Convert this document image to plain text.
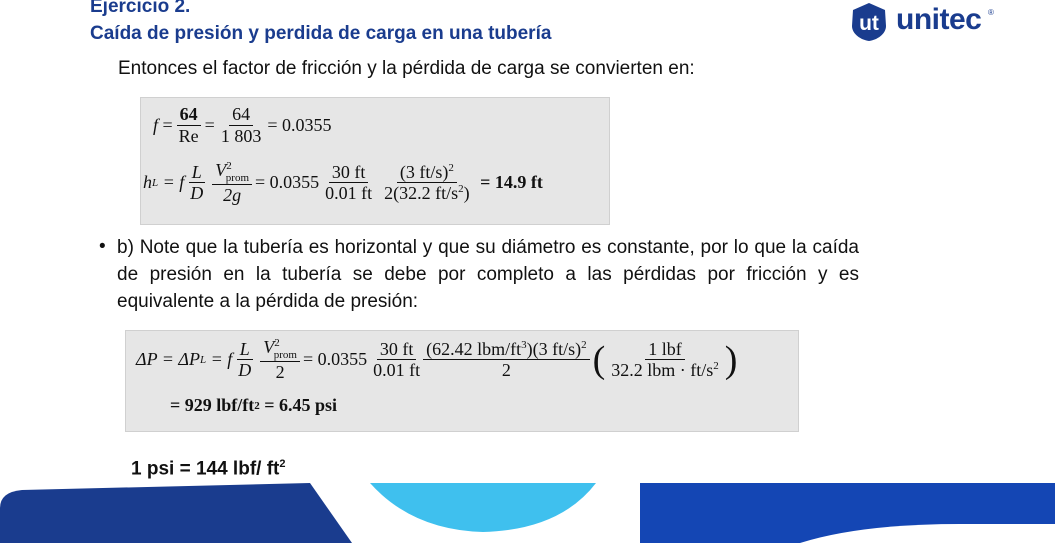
Ejercicio 2.
Caída de presión y perdida de carga en una tubería	ut unitec ®
Entonces el factor de fricción y la pérdida de carga se convierten en:
f
= $\frac{64}{Re} = \frac{64}{1 803} = 0.0355$
h L
= f $\frac{L}{D} \frac{V^2_{prom}}{2g} = 0.0355 \frac{30 ft}{0.01 ft} \frac{(3 ft/s)^2}{2(32.2 ft/s^2)}$
= 14.9 ft
• b) Note que la tubería es horizontal y que su diámetro es constante, por lo que la caída de presión en la tubería se debe por completo a las pérdidas por fricción y es equivalente a la pérdida de presión:
ΔP = ΔP L
= f $\frac{L}{D} \frac{V^2_{prom}}{2} = 0.0355 \frac{30 ft}{0.01 ft} \frac{(62.42 lbm/ft^3)(3 ft/s)^2}{2}$ ( $\frac{\text{1 lbf}}{32.2 lbm \cdot ft/s^2}$ )
= 929 lbf/ft 2 = 6.45 psi
1 psi = 144 lbf/ $ft^2$
